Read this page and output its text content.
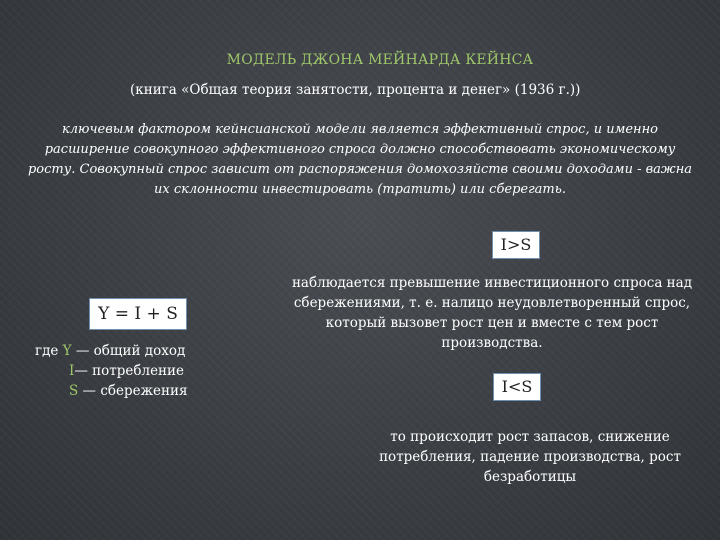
МОДЕЛЬ ДЖОНА МЕЙНАРДА КЕЙНСА
(книга «Общая теория занятости, процента и денег» (1936 г.))
ключевым фактором кейнсианской модели является эффективный спрос, и именно расширение совокупного эффективного спроса должно способствовать экономическому росту. Совокупный спрос зависит от распоряжения домохозяйств своими доходами - важна их склонности инвестировать (тратить) или сберегать.
Y = I + S
где Y — общий доход
I— потребление
S — сбережения
I>S
наблюдается превышение инвестиционного спроса над сбережениями, т. е. налицо неудовлетворенный спрос, который вызовет рост цен и вместе с тем рост производства.
I<S
то происходит рост запасов, снижение потребления, падение производства, рост безработицы
